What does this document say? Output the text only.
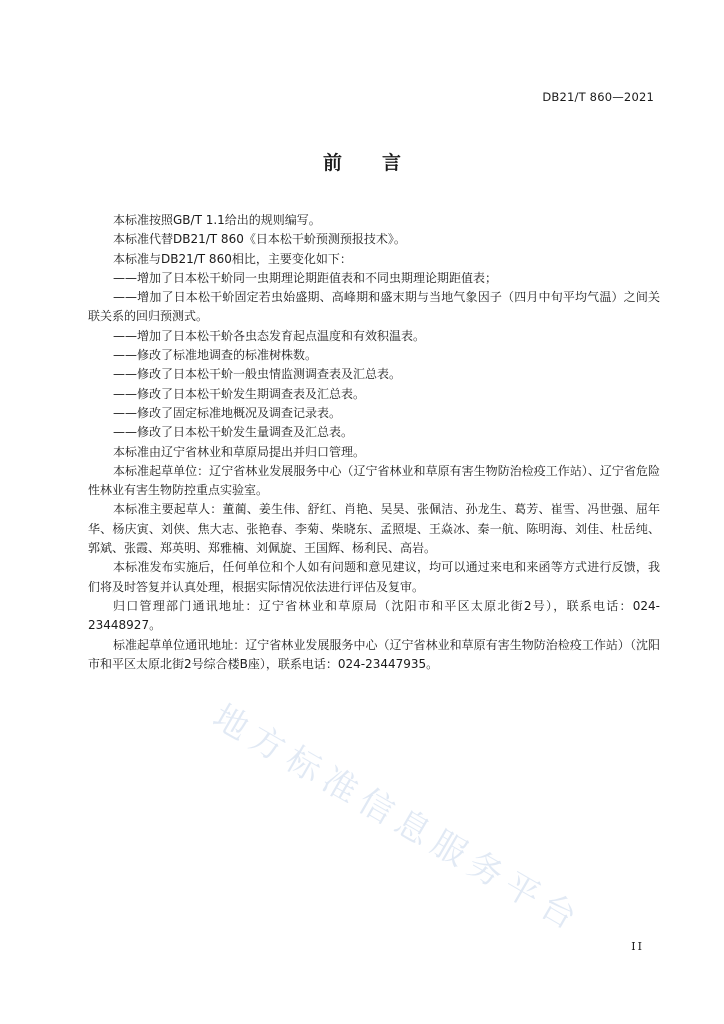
DB21/T 860—2021
前言

本标准按照GB/T 1.1给出的规则编写。

本标准代替DB21/T 860《日本松干蚧预测预报技术》。

本标准与DB21/T 860相比，主要变化如下：

——增加了日本松干蚧同一虫期理论期距值表和不同虫期理论期距值表；

——增加了日本松干蚧固定若虫始盛期、高峰期和盛末期与当地气象因子（四月中旬平均气温）之间关联关系的回归预测式。

——增加了日本松干蚧各虫态发育起点温度和有效积温表。

——修改了标准地调查的标准树株数。

——修改了日本松干蚧一般虫情监测调查表及汇总表。

——修改了日本松干蚧发生期调查表及汇总表。

——修改了固定标准地概况及调查记录表。

——修改了日本松干蚧发生量调查及汇总表。

本标准由辽宁省林业和草原局提出并归口管理。

本标准起草单位：辽宁省林业发展服务中心（辽宁省林业和草原有害生物防治检疫工作站）、辽宁省危险性林业有害生物防控重点实验室。

本标准主要起草人：董蔺、姜生伟、舒红、肖艳、吴昊、张佩洁、孙龙生、葛芳、崔雪、冯世强、屈年华、杨庆寅、刘侠、焦大志、张艳春、李菊、柴晓东、孟照堤、王焱冰、秦一航、陈明海、刘佳、杜岳纯、郭斌、张霞、郑英明、郑雅楠、刘佩旋、王国辉、杨利民、高岩。

本标准发布实施后，任何单位和个人如有问题和意见建议，均可以通过来电和来函等方式进行反馈，我们将及时答复并认真处理，根据实际情况依法进行评估及复审。

归口管理部门通讯地址：辽宁省林业和草原局（沈阳市和平区太原北街2号），联系电话：024-23448927。

标准起草单位通讯地址：辽宁省林业发展服务中心（辽宁省林业和草原有害生物防治检疫工作站）（沈阳市和平区太原北街2号综合楼B座），联系电话：024-23447935。

地方标准信息服务平台
II
